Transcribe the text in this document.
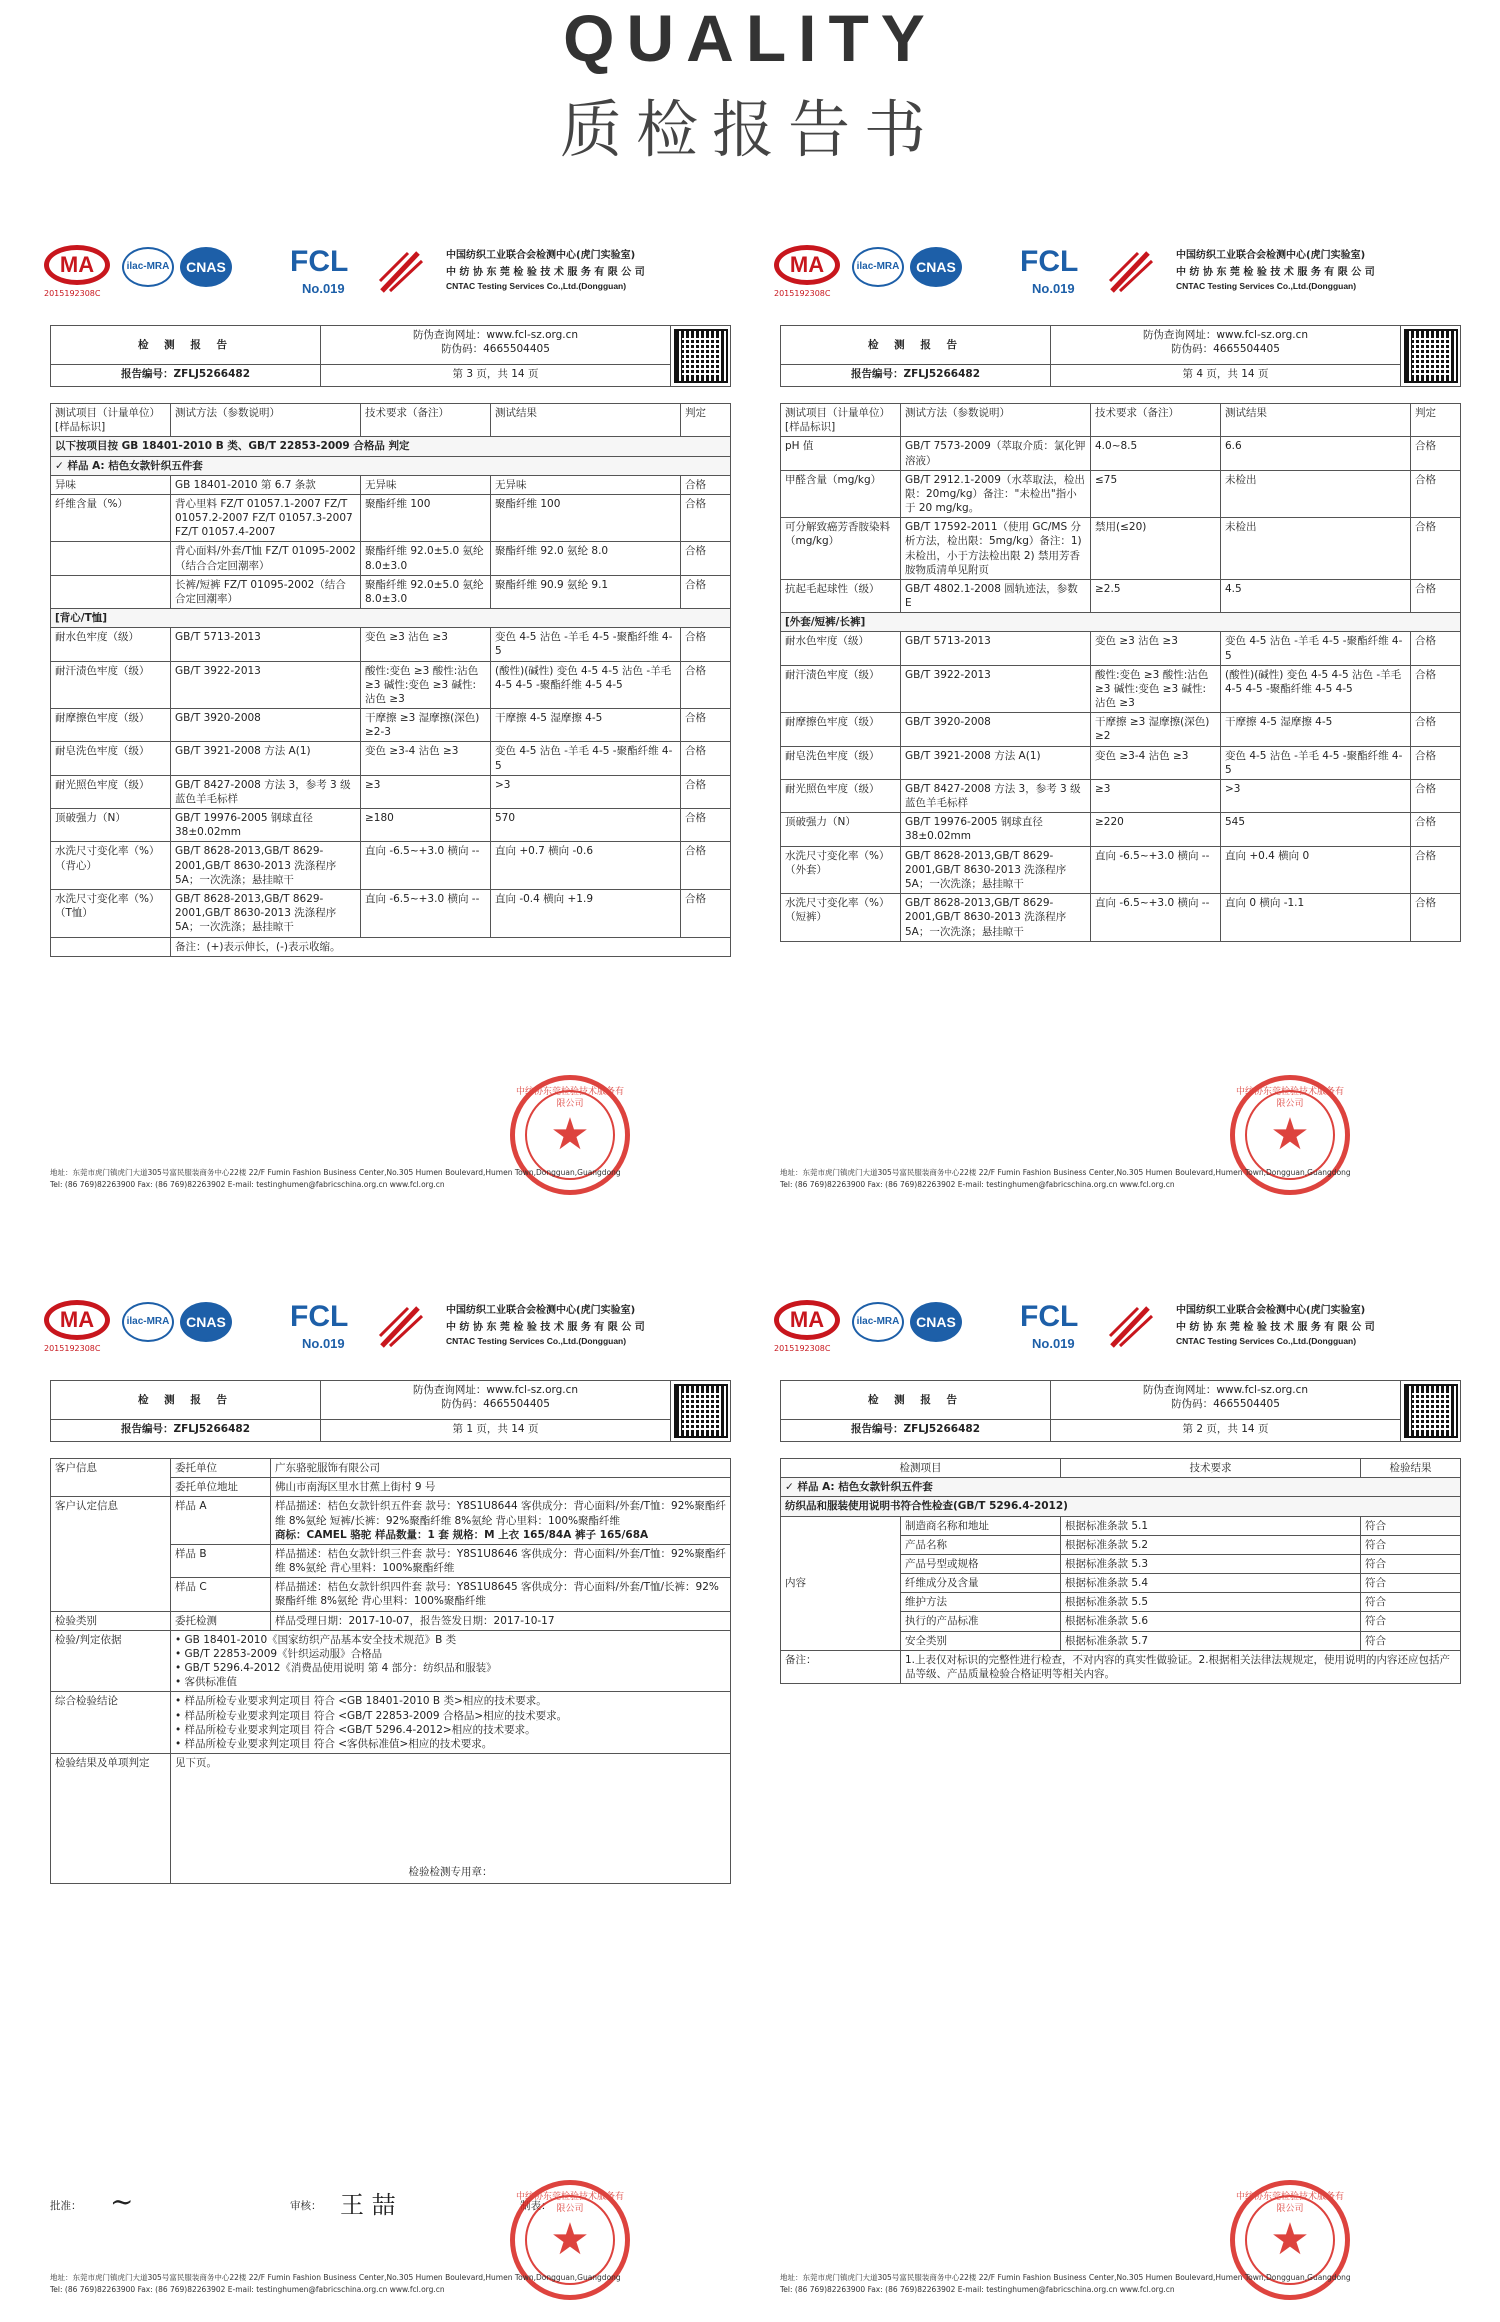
QUALITY
质检报告书
MA
2015192308C
ilac-MRA	CNAS FCL
No.019
中国纺织工业联合会检测中心(虎门实验室)
中 纺 协 东 莞 检 验 技 术 服 务 有 限 公 司
CNTAC Testing Services Co.,Ltd.(Dongguan)
检 测 报 告	防伪查询网址：www.fcl-sz.org.cn
防伪码：4665504405	

报告编号：ZFLJ5266482	第 3 页，共 14 页	
测试项目（计量单位）[样品标识]	测试方法（参数说明）	技术要求（备注）	测试结果	判定
以下按项目按 GB 18401-2010 B 类、GB/T 22853-2009 合格品 判定				
✓ 样品 A: 桔色女款针织五件套				
异味	GB 18401-2010 第 6.7 条款	无异味	无异味	合格
纤维含量（%）	背心里料 FZ/T 01057.1-2007 FZ/T 01057.2-2007 FZ/T 01057.3-2007 FZ/T 01057.4-2007	聚酯纤维 100	聚酯纤维 100	合格
	背心面料/外套/T恤 FZ/T 01095-2002（结合合定回潮率）	聚酯纤维 92.0±5.0 氨纶 8.0±3.0	聚酯纤维 92.0 氨纶 8.0	合格
	长裤/短裤 FZ/T 01095-2002（结合合定回潮率）	聚酯纤维 92.0±5.0 氨纶 8.0±3.0	聚酯纤维 90.9 氨纶 9.1	合格
[背心/T恤]				
耐水色牢度（级）	GB/T 5713-2013	变色 ≥3 沾色 ≥3	变色 4-5 沾色 -羊毛 4-5 -聚酯纤维 4-5	合格
耐汗渍色牢度（级）	GB/T 3922-2013	酸性:变色 ≥3 酸性:沾色 ≥3 碱性:变色 ≥3 碱性:沾色 ≥3	(酸性)(碱性) 变色 4-5 4-5 沾色 -羊毛 4-5 4-5 -聚酯纤维 4-5 4-5	合格
耐摩擦色牢度（级）	GB/T 3920-2008	干摩擦 ≥3 湿摩擦(深色) ≥2-3	干摩擦 4-5 湿摩擦 4-5	合格
耐皂洗色牢度（级）	GB/T 3921-2008 方法 A(1)	变色 ≥3-4 沾色 ≥3	变色 4-5 沾色 -羊毛 4-5 -聚酯纤维 4-5	合格
耐光照色牢度（级）	GB/T 8427-2008 方法 3，参考 3 级蓝色羊毛标样	≥3	>3	合格
顶破强力（N）	GB/T 19976-2005 钢球直径 38±0.02mm	≥180	570	合格
水洗尺寸变化率（%）（背心）	GB/T 8628-2013,GB/T 8629-2001,GB/T 8630-2013 洗涤程序 5A；一次洗涤；悬挂晾干	直向 -6.5~+3.0 横向 --	直向 +0.7 横向 -0.6	合格
水洗尺寸变化率（%）（T恤）	GB/T 8628-2013,GB/T 8629-2001,GB/T 8630-2013 洗涤程序 5A；一次洗涤；悬挂晾干	直向 -6.5~+3.0 横向 --	直向 -0.4 横向 +1.9	合格
	备注：(+)表示伸长，(-)表示收缩。			
中纺协东莞检验技术服务有限公司
★
地址：东莞市虎门镇虎门大道305号富民服装商务中心22楼 22/F Fumin Fashion Business Center,No.305 Humen Boulevard,Humen Town,Dongguan,Guangdong
Tel: (86 769)82263900 Fax: (86 769)82263902 E-mail: testinghumen@fabricschina.org.cn www.fcl.org.cn
MA
2015192308C
ilac-MRA	CNAS FCL
No.019
中国纺织工业联合会检测中心(虎门实验室)
中 纺 协 东 莞 检 验 技 术 服 务 有 限 公 司
CNTAC Testing Services Co.,Ltd.(Dongguan)
检 测 报 告	防伪查询网址：www.fcl-sz.org.cn
防伪码：4665504405	

报告编号：ZFLJ5266482	第 4 页，共 14 页	
测试项目（计量单位）[样品标识]	测试方法（参数说明）	技术要求（备注）	测试结果	判定
pH 值	GB/T 7573-2009（萃取介质：氯化钾溶液）	4.0~8.5	6.6	合格
甲醛含量（mg/kg）	GB/T 2912.1-2009（水萃取法，检出限：20mg/kg）备注："未检出"指小于 20 mg/kg。	≤75	未检出	合格
可分解致癌芳香胺染料（mg/kg）	GB/T 17592-2011（使用 GC/MS 分析方法，检出限：5mg/kg）备注：1) 未检出，小于方法检出限 2) 禁用芳香胺物质清单见附页	禁用(≤20)	未检出	合格
抗起毛起球性（级）	GB/T 4802.1-2008 圆轨迹法，参数 E	≥2.5	4.5	合格
[外套/短裤/长裤]				
耐水色牢度（级）	GB/T 5713-2013	变色 ≥3 沾色 ≥3	变色 4-5 沾色 -羊毛 4-5 -聚酯纤维 4-5	合格
耐汗渍色牢度（级）	GB/T 3922-2013	酸性:变色 ≥3 酸性:沾色 ≥3 碱性:变色 ≥3 碱性:沾色 ≥3	(酸性)(碱性) 变色 4-5 4-5 沾色 -羊毛 4-5 4-5 -聚酯纤维 4-5 4-5	合格
耐摩擦色牢度（级）	GB/T 3920-2008	干摩擦 ≥3 湿摩擦(深色) ≥2	干摩擦 4-5 湿摩擦 4-5	合格
耐皂洗色牢度（级）	GB/T 3921-2008 方法 A(1)	变色 ≥3-4 沾色 ≥3	变色 4-5 沾色 -羊毛 4-5 -聚酯纤维 4-5	合格
耐光照色牢度（级）	GB/T 8427-2008 方法 3，参考 3 级蓝色羊毛标样	≥3	>3	合格
顶破强力（N）	GB/T 19976-2005 钢球直径 38±0.02mm	≥220	545	合格
水洗尺寸变化率（%）（外套）	GB/T 8628-2013,GB/T 8629-2001,GB/T 8630-2013 洗涤程序 5A；一次洗涤；悬挂晾干	直向 -6.5~+3.0 横向 --	直向 +0.4 横向 0	合格
水洗尺寸变化率（%）（短裤）	GB/T 8628-2013,GB/T 8629-2001,GB/T 8630-2013 洗涤程序 5A；一次洗涤；悬挂晾干	直向 -6.5~+3.0 横向 --	直向 0 横向 -1.1	合格
中纺协东莞检验技术服务有限公司
★
地址：东莞市虎门镇虎门大道305号富民服装商务中心22楼 22/F Fumin Fashion Business Center,No.305 Humen Boulevard,Humen Town,Dongguan,Guangdong
Tel: (86 769)82263900 Fax: (86 769)82263902 E-mail: testinghumen@fabricschina.org.cn www.fcl.org.cn
MA
2015192308C
ilac-MRA	CNAS FCL
No.019
中国纺织工业联合会检测中心(虎门实验室)
中 纺 协 东 莞 检 验 技 术 服 务 有 限 公 司
CNTAC Testing Services Co.,Ltd.(Dongguan)
检 测 报 告	防伪查询网址：www.fcl-sz.org.cn
防伪码：4665504405	

报告编号：ZFLJ5266482	第 1 页，共 14 页	
客户信息	委托单位	广东骆驼服饰有限公司
	委托单位地址	佛山市南海区里水甘蕉上街村 9 号
客户认定信息	样品 A	样品描述：桔色女款针织五件套 款号：Y8S1U8644 客供成分：背心面料/外套/T恤：92%聚酯纤维 8%氨纶 短裤/长裤：92%聚酯纤维 8%氨纶 背心里料：100%聚酯纤维
商标：CAMEL 骆驼 样品数量：1 套 规格：M 上衣 165/84A 裤子 165/68A

	样品 B	样品描述：桔色女款针织三件套 款号：Y8S1U8646 客供成分：背心面料/外套/T恤：92%聚酯纤维 8%氨纶 背心里料：100%聚酯纤维
	样品 C	样品描述：桔色女款针织四件套 款号：Y8S1U8645 客供成分：背心面料/外套/T恤/长裤：92%聚酯纤维 8%氨纶 背心里料：100%聚酯纤维
检验类别	委托检测	样品受理日期：2017-10-07，报告签发日期：2017-10-17
检验/判定依据	• GB 18401-2010《国家纺织产品基本安全技术规范》B 类
• GB/T 22853-2009《针织运动服》合格品
• GB/T 5296.4-2012《消费品使用说明 第 4 部分：纺织品和服装》
• 客供标准值	

综合检验结论	• 样品所检专业要求判定项目 符合 <GB 18401-2010 B 类>相应的技术要求。
• 样品所检专业要求判定项目 符合 <GB/T 22853-2009 合格品>相应的技术要求。
• 样品所检专业要求判定项目 符合 <GB/T 5296.4-2012>相应的技术要求。
• 样品所检专业要求判定项目 符合 <客供标准值>相应的技术要求。	

检验结果及单项判定	见下页。
检验检测专用章：	
批准： ~	审核： 王 喆	制表：
中纺协东莞检验技术服务有限公司
★
地址：东莞市虎门镇虎门大道305号富民服装商务中心22楼 22/F Fumin Fashion Business Center,No.305 Humen Boulevard,Humen Town,Dongguan,Guangdong
Tel: (86 769)82263900 Fax: (86 769)82263902 E-mail: testinghumen@fabricschina.org.cn www.fcl.org.cn
MA
2015192308C
ilac-MRA	CNAS FCL
No.019
中国纺织工业联合会检测中心(虎门实验室)
中 纺 协 东 莞 检 验 技 术 服 务 有 限 公 司
CNTAC Testing Services Co.,Ltd.(Dongguan)
检 测 报 告	防伪查询网址：www.fcl-sz.org.cn
防伪码：4665504405	

报告编号：ZFLJ5266482	第 2 页，共 14 页	
检测项目		技术要求	检验结果
✓ 样品 A: 桔色女款针织五件套			
纺织品和服装使用说明书符合性检查(GB/T 5296.4-2012)			
内容	制造商名称和地址	根据标准条款 5.1	符合
	产品名称	根据标准条款 5.2	符合
	产品号型或规格	根据标准条款 5.3	符合
	纤维成分及含量	根据标准条款 5.4	符合
	维护方法	根据标准条款 5.5	符合
	执行的产品标准	根据标准条款 5.6	符合
	安全类别	根据标准条款 5.7	符合
备注：	1.上表仅对标识的完整性进行检查，不对内容的真实性做验证。2.根据相关法律法规规定，使用说明的内容还应包括产品等级、产品质量检验合格证明等相关内容。		
中纺协东莞检验技术服务有限公司
★
地址：东莞市虎门镇虎门大道305号富民服装商务中心22楼 22/F Fumin Fashion Business Center,No.305 Humen Boulevard,Humen Town,Dongguan,Guangdong
Tel: (86 769)82263900 Fax: (86 769)82263902 E-mail: testinghumen@fabricschina.org.cn www.fcl.org.cn
